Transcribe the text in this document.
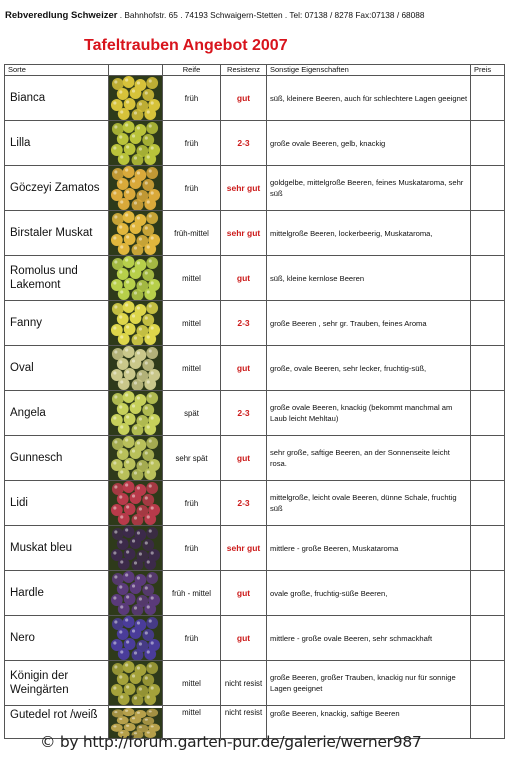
Rebveredlung Schweizer . Bahnhofstr. 65 . 74193 Schwaigern-Stetten . Tel: 07138 / 8278 Fax:07138 / 68088
Tafeltrauben Angebot 2007
Sorte		Reife	Resistenz	Sonstige Eigenschaften	Preis
Bianca		früh	gut	süß, kleinere Beeren, auch für schlechtere Lagen geeignet	
Lilla		früh	2-3	große ovale Beeren, gelb, knackig	
Göczeyi Zamatos		früh	sehr gut	goldgelbe, mittelgroße Beeren, feines Muskataroma, sehr süß	
Birstaler Muskat		früh-mittel	sehr gut	mittelgroße Beeren, lockerbeerig, Muskataroma,	
Romolus und Lakemont		mittel	gut	süß, kleine kernlose Beeren	
Fanny		mittel	2-3	große Beeren , sehr gr. Trauben, feines Aroma	
Oval		mittel	gut	große, ovale Beeren, sehr lecker, fruchtig-süß,	
Angela		spät	2-3	große ovale Beeren, knackig (bekommt manchmal am Laub leicht Mehltau)	
Gunnesch		sehr spät	gut	sehr große, saftige Beeren, an der Sonnenseite leicht rosa.	
Lidi		früh	2-3	mittelgroße, leicht ovale Beeren, dünne Schale, fruchtig süß	
Muskat bleu		früh	sehr gut	mittlere - große Beeren, Muskataroma	
Hardle		früh - mittel	gut	ovale große, fruchtig-süße Beeren,	
Nero		früh	gut	mittlere - große ovale Beeren, sehr schmackhaft	
Königin der Weingärten		mittel	nicht resist	große Beeren, großer Trauben, knackig nur für sonnige Lagen geeignet	
Gutedel rot /weiß		mittel	nicht resist	große Beeren, knackig, saftige Beeren	
© by http://forum.garten-pur.de/galerie/werner987
